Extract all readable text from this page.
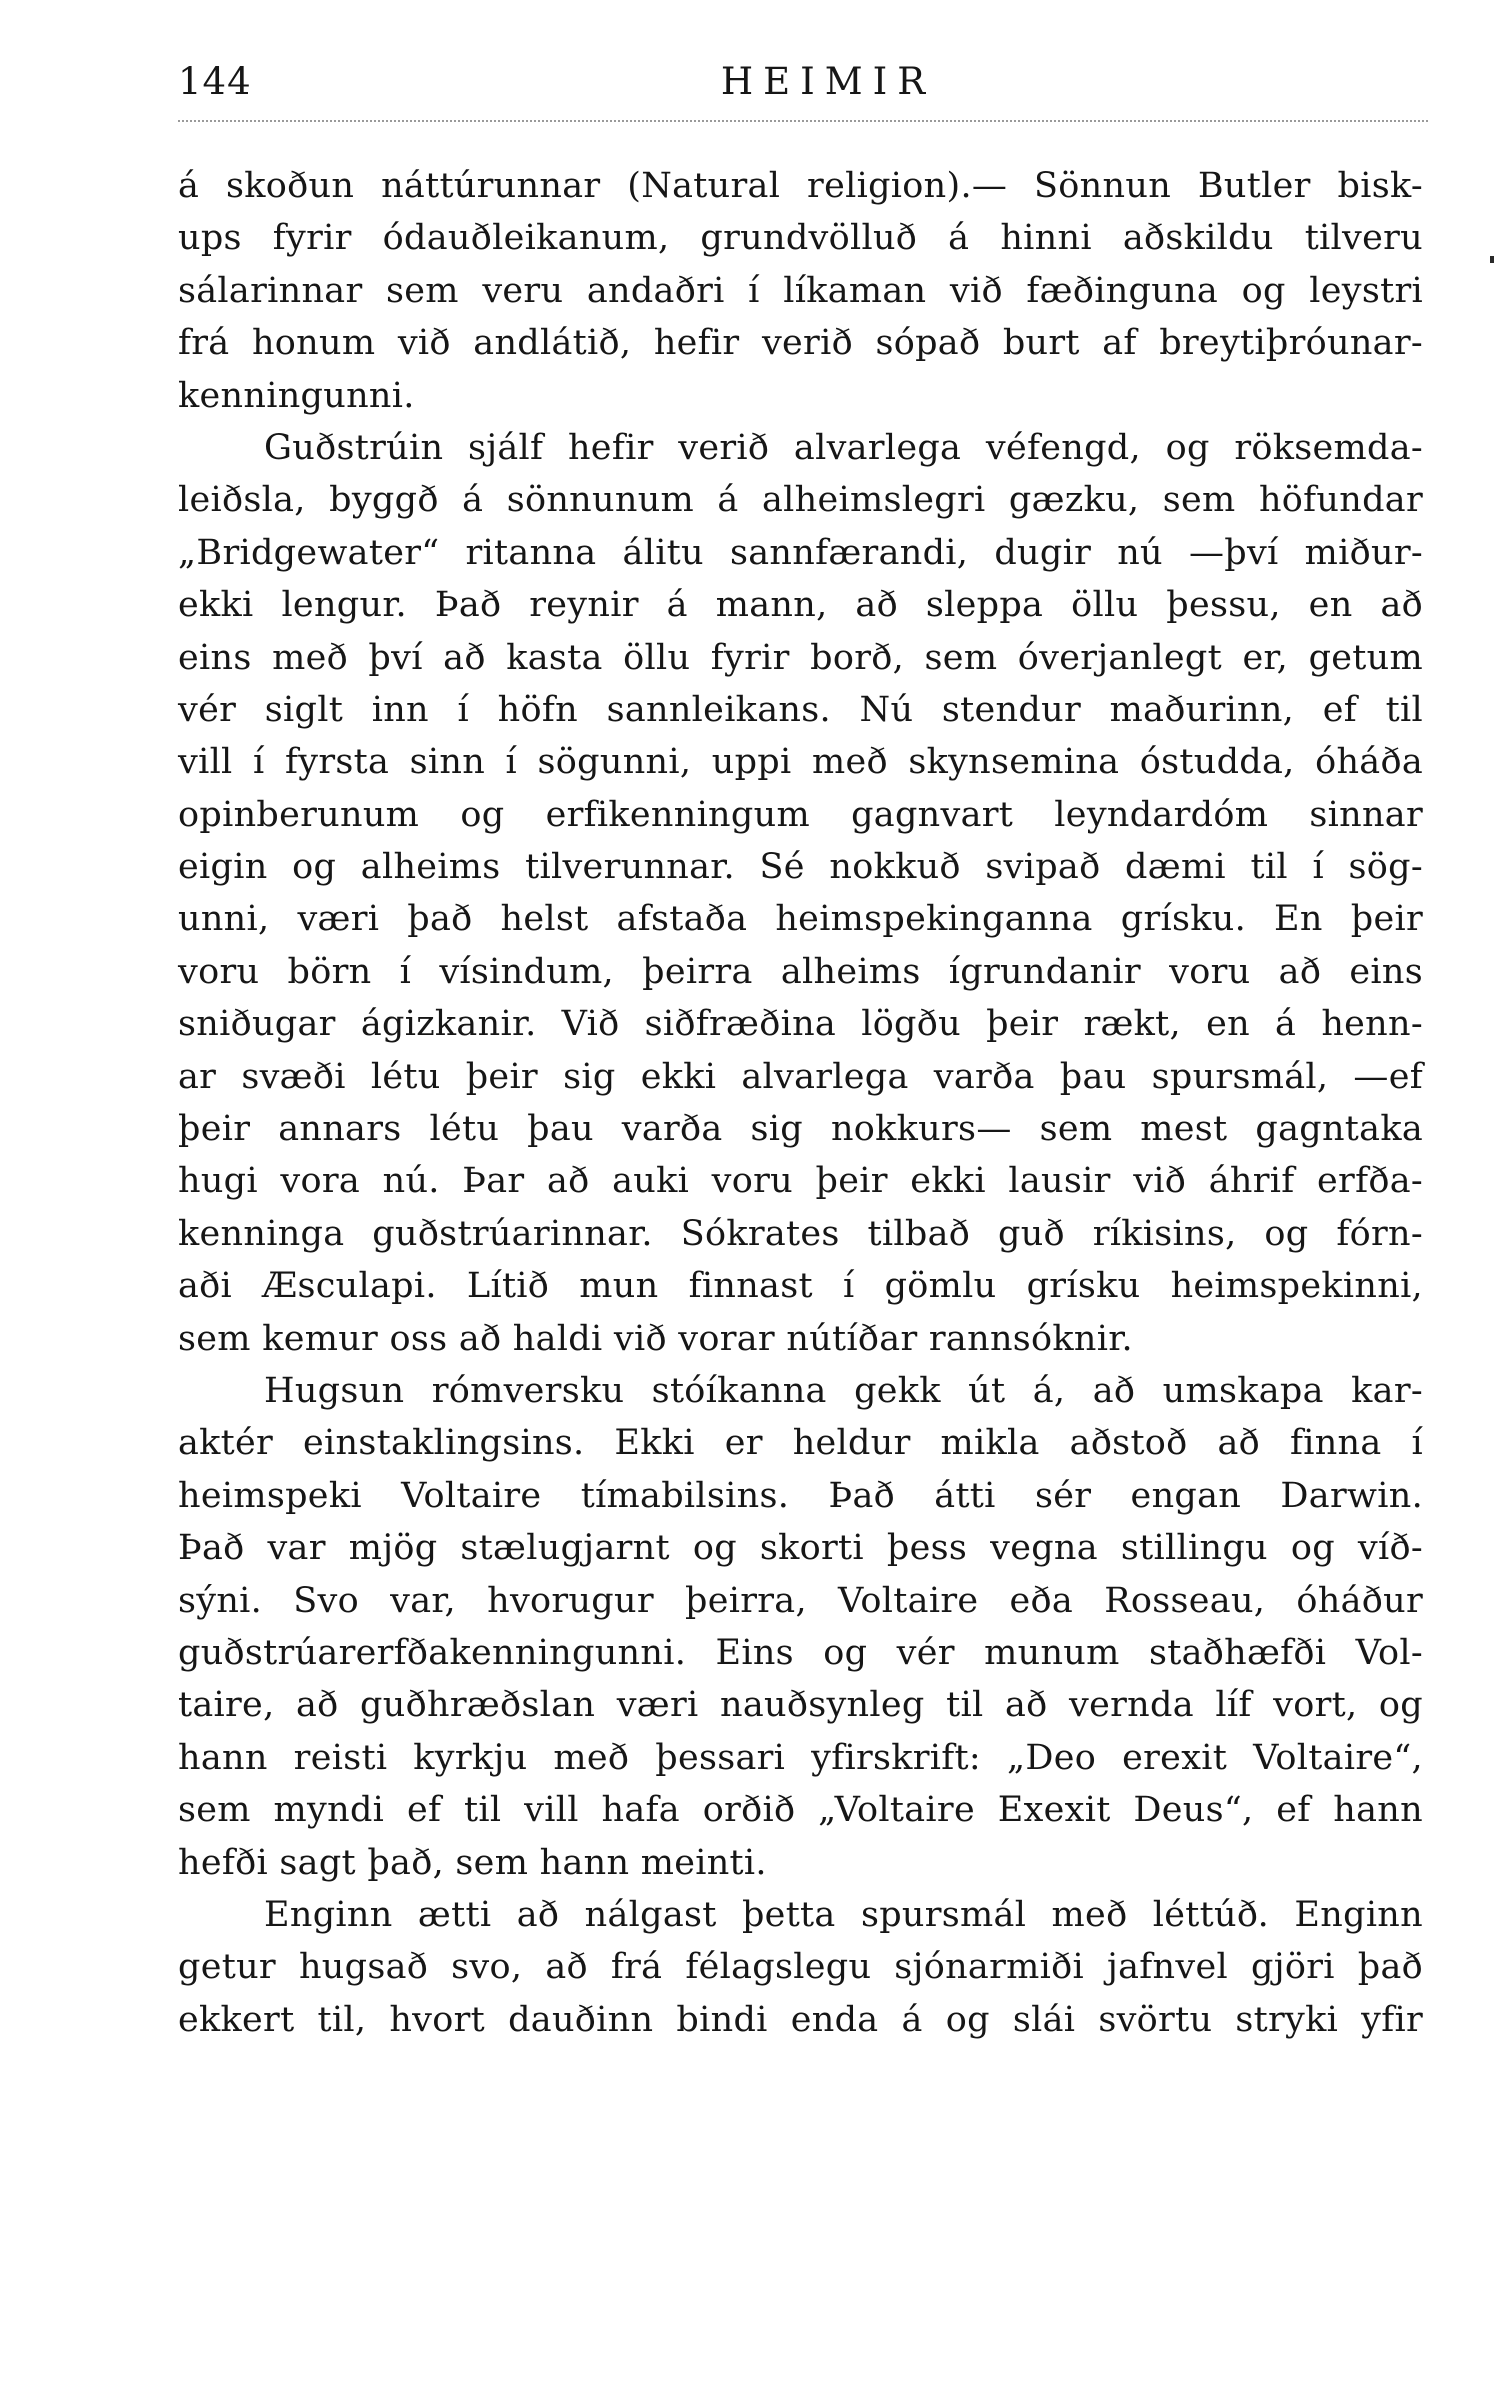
144	HEIMIR
á skoðun náttúrunnar (Natural religion).— Sönnun Butler bisk-
ups fyrir ódauðleikanum, grundvölluð á hinni aðskildu tilveru
sálarinnar sem veru andaðri í líkaman við fæðinguna og leystri
frá honum við andlátið, hefir verið sópað burt af breytiþróunar-
kenningunni.
Guðstrúin sjálf hefir verið alvarlega véfengd, og röksemda-
leiðsla, byggð á sönnunum á alheimslegri gæzku, sem höfundar
„Bridgewater“ ritanna álitu sannfærandi, dugir nú —því miður-
ekki lengur. Það reynir á mann, að sleppa öllu þessu, en að
eins með því að kasta öllu fyrir borð, sem óverjanlegt er, getum
vér siglt inn í höfn sannleikans. Nú stendur maðurinn, ef til
vill í fyrsta sinn í sögunni, uppi með skynsemina óstudda, óháða
opinberunum og erfikenningum gagnvart leyndardóm sinnar
eigin og alheims tilverunnar. Sé nokkuð svipað dæmi til í sög-
unni, væri það helst afstaða heimspekinganna grísku. En þeir
voru börn í vísindum, þeirra alheims ígrundanir voru að eins
sniðugar ágizkanir. Við siðfræðina lögðu þeir rækt, en á henn-
ar svæði létu þeir sig ekki alvarlega varða þau spursmál, —ef
þeir annars létu þau varða sig nokkurs— sem mest gagntaka
hugi vora nú. Þar að auki voru þeir ekki lausir við áhrif erfða-
kenninga guðstrúarinnar. Sókrates tilbað guð ríkisins, og fórn-
aði Æsculapi. Lítið mun finnast í gömlu grísku heimspekinni,
sem kemur oss að haldi við vorar nútíðar rannsóknir.
Hugsun rómversku stóíkanna gekk út á, að umskapa kar-
aktér einstaklingsins. Ekki er heldur mikla aðstoð að finna í
heimspeki Voltaire tímabilsins. Það átti sér engan Darwin.
Það var mjög stælugjarnt og skorti þess vegna stillingu og víð-
sýni. Svo var, hvorugur þeirra, Voltaire eða Rosseau, óháður
guðstrúarerfðakenningunni. Eins og vér munum staðhæfði Vol-
taire, að guðhræðslan væri nauðsynleg til að vernda líf vort, og
hann reisti kyrkju með þessari yfirskrift: „Deo erexit Voltaire“,
sem myndi ef til vill hafa orðið „Voltaire Exexit Deus“, ef hann
hefði sagt það, sem hann meinti.
Enginn ætti að nálgast þetta spursmál með léttúð. Enginn
getur hugsað svo, að frá félagslegu sjónarmiði jafnvel gjöri það
ekkert til, hvort dauðinn bindi enda á og slái svörtu stryki yfir
